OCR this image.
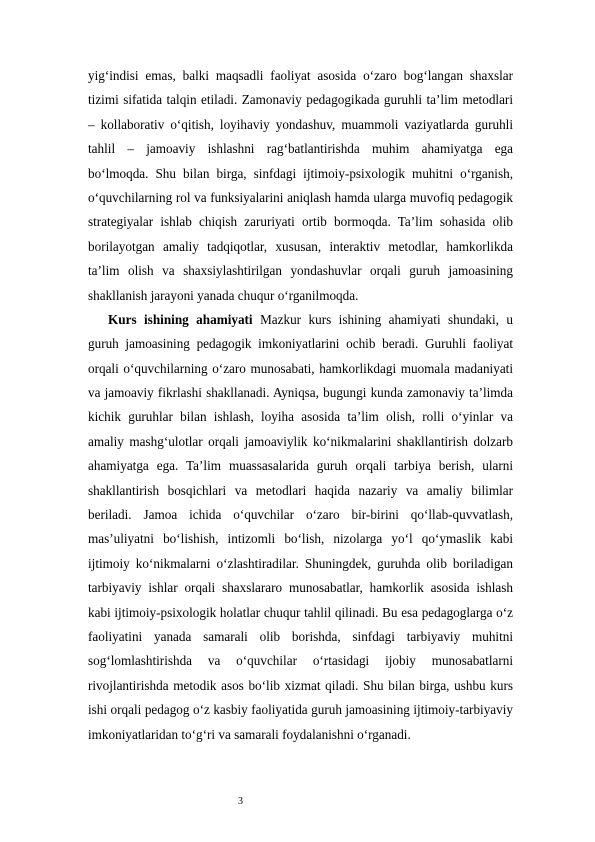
yig‘indisi emas, balki maqsadli faoliyat asosida o‘zaro bog‘langan shaxslar
tizimi sifatida talqin etiladi. Zamonaviy pedagogikada guruhli ta’lim metodlari
– kollaborativ o‘qitish, loyihaviy yondashuv, muammoli vaziyatlarda guruhli
tahlil – jamoaviy ishlashni rag‘batlantirishda muhim ahamiyatga ega
bo‘lmoqda. Shu bilan birga, sinfdagi ijtimoiy-psixologik muhitni o‘rganish,
o‘quvchilarning rol va funksiyalarini aniqlash hamda ularga muvofiq pedagogik
strategiyalar ishlab chiqish zaruriyati ortib bormoqda. Ta’lim sohasida olib
borilayotgan amaliy tadqiqotlar, xususan, interaktiv metodlar, hamkorlikda
ta’lim olish va shaxsiylashtirilgan yondashuvlar orqali guruh jamoasining
shakllanish jarayoni yanada chuqur o‘rganilmoqda.
Kurs ishining ahamiyati Mazkur kurs ishining ahamiyati shundaki, u
guruh jamoasining pedagogik imkoniyatlarini ochib beradi. Guruhli faoliyat
orqali o‘quvchilarning o‘zaro munosabati, hamkorlikdagi muomala madaniyati
va jamoaviy fikrlashi shakllanadi. Ayniqsa, bugungi kunda zamonaviy ta’limda
kichik guruhlar bilan ishlash, loyiha asosida ta’lim olish, rolli o‘yinlar va
amaliy mashg‘ulotlar orqali jamoaviylik ko‘nikmalarini shakllantirish dolzarb
ahamiyatga ega. Ta’lim muassasalarida guruh orqali tarbiya berish, ularni
shakllantirish bosqichlari va metodlari haqida nazariy va amaliy bilimlar
beriladi. Jamoa ichida o‘quvchilar o‘zaro bir-birini qo‘llab-quvvatlash,
mas’uliyatni bo‘lishish, intizomli bo‘lish, nizolarga yo‘l qo‘ymaslik kabi
ijtimoiy ko‘nikmalarni o‘zlashtiradilar. Shuningdek, guruhda olib boriladigan
tarbiyaviy ishlar orqali shaxslararo munosabatlar, hamkorlik asosida ishlash
kabi ijtimoiy-psixologik holatlar chuqur tahlil qilinadi. Bu esa pedagoglarga o‘z
faoliyatini yanada samarali olib borishda, sinfdagi tarbiyaviy muhitni
sog‘lomlashtirishda va o‘quvchilar o‘rtasidagi ijobiy munosabatlarni
rivojlantirishda metodik asos bo‘lib xizmat qiladi. Shu bilan birga, ushbu kurs
ishi orqali pedagog o‘z kasbiy faoliyatida guruh jamoasining ijtimoiy-tarbiyaviy
imkoniyatlaridan to‘g‘ri va samarali foydalanishni o‘rganadi.
3
